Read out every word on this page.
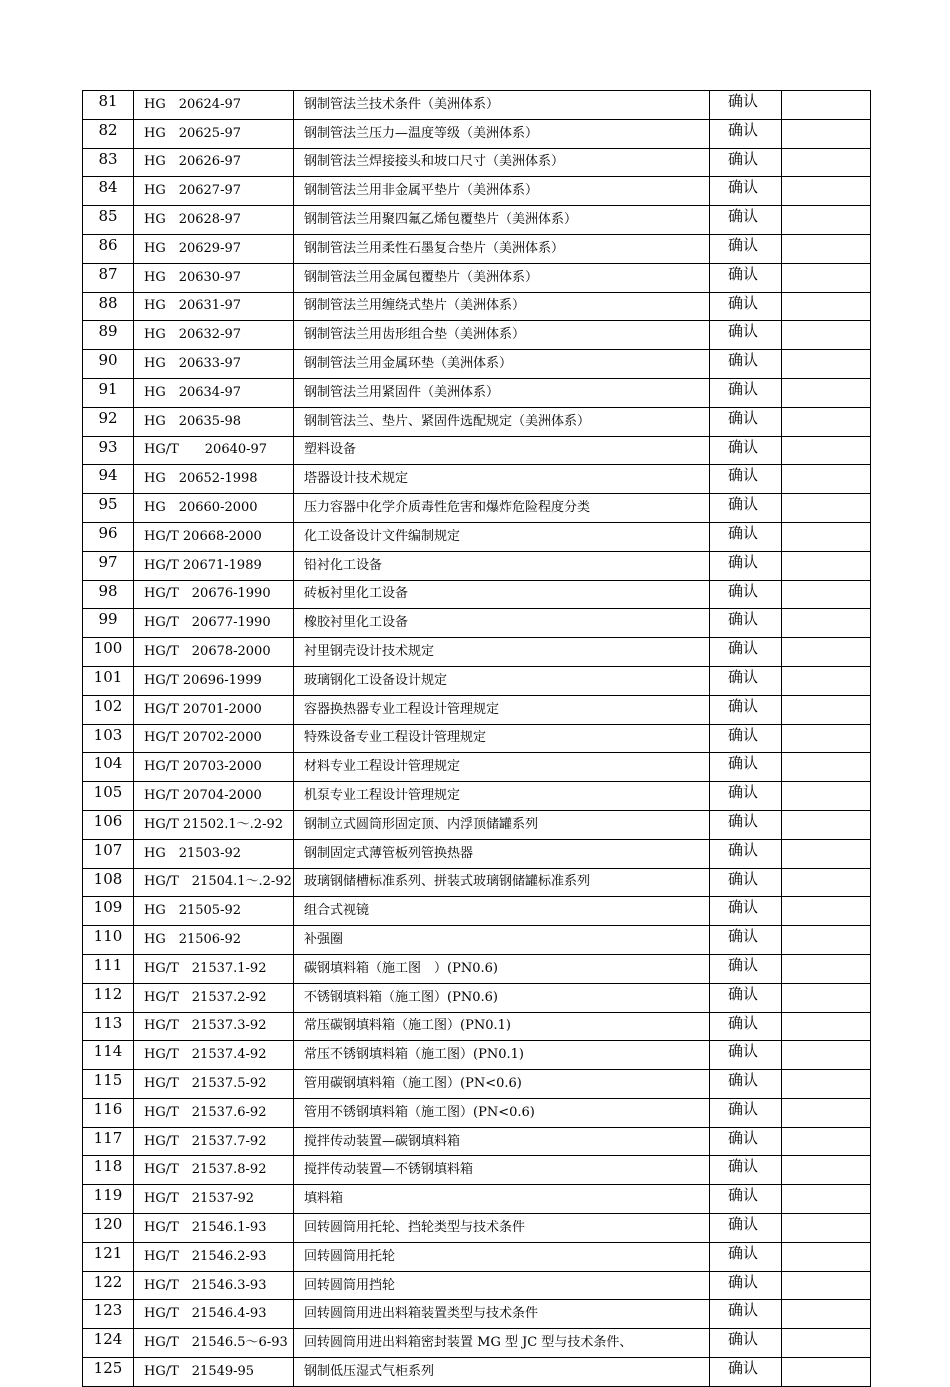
81	HG　20624-97	钢制管法兰技术条件（美洲体系）	确认	
82	HG　20625-97	钢制管法兰压力—温度等级（美洲体系）	确认	
83	HG　20626-97	钢制管法兰焊接接头和坡口尺寸（美洲体系）	确认	
84	HG　20627-97	钢制管法兰用非金属平垫片（美洲体系）	确认	
85	HG　20628-97	钢制管法兰用聚四氟乙烯包覆垫片（美洲体系）	确认	
86	HG　20629-97	钢制管法兰用柔性石墨复合垫片（美洲体系）	确认	
87	HG　20630-97	钢制管法兰用金属包覆垫片（美洲体系）	确认	
88	HG　20631-97	钢制管法兰用缠绕式垫片（美洲体系）	确认	
89	HG　20632-97	钢制管法兰用齿形组合垫（美洲体系）	确认	
90	HG　20633-97	钢制管法兰用金属环垫（美洲体系）	确认	
91	HG　20634-97	钢制管法兰用紧固件（美洲体系）	确认	
92	HG　20635-98	钢制管法兰、垫片、紧固件选配规定（美洲体系）	确认	
93	HG/T　　20640-97	塑料设备	确认	
94	HG　20652-1998	塔器设计技术规定	确认	
95	HG　20660-2000	压力容器中化学介质毒性危害和爆炸危险程度分类	确认	
96	HG/T 20668-2000	化工设备设计文件编制规定	确认	
97	HG/T 20671-1989	铅衬化工设备	确认	
98	HG/T　20676-1990	砖板衬里化工设备	确认	
99	HG/T　20677-1990	橡胶衬里化工设备	确认	
100	HG/T　20678-2000	衬里钢壳设计技术规定	确认	
101	HG/T 20696-1999	玻璃钢化工设备设计规定	确认	
102	HG/T 20701-2000	容器换热器专业工程设计管理规定	确认	
103	HG/T 20702-2000	特殊设备专业工程设计管理规定	确认	
104	HG/T 20703-2000	材料专业工程设计管理规定	确认	
105	HG/T 20704-2000	机泵专业工程设计管理规定	确认	
106	HG/T 21502.1～.2-92	钢制立式圆筒形固定顶、内浮顶储罐系列	确认	
107	HG　21503-92	钢制固定式薄管板列管换热器	确认	
108	HG/T　21504.1～.2-92	玻璃钢储槽标准系列、拼装式玻璃钢储罐标准系列	确认	
109	HG　21505-92	组合式视镜	确认	
110	HG　21506-92	补强圈	确认	
111	HG/T　21537.1-92	碳钢填料箱（施工图　）(PN0.6)	确认	
112	HG/T　21537.2-92	不锈钢填料箱（施工图）(PN0.6)	确认	
113	HG/T　21537.3-92	常压碳钢填料箱（施工图）(PN0.1)	确认	
114	HG/T　21537.4-92	常压不锈钢填料箱（施工图）(PN0.1)	确认	
115	HG/T　21537.5-92	管用碳钢填料箱（施工图）(PN<0.6)	确认	
116	HG/T　21537.6-92	管用不锈钢填料箱（施工图）(PN<0.6)	确认	
117	HG/T　21537.7-92	搅拌传动装置—碳钢填料箱	确认	
118	HG/T　21537.8-92	搅拌传动装置—不锈钢填料箱	确认	
119	HG/T　21537-92	填料箱	确认	
120	HG/T　21546.1-93	回转圆筒用托轮、挡轮类型与技术条件	确认	
121	HG/T　21546.2-93	回转圆筒用托轮	确认	
122	HG/T　21546.3-93	回转圆筒用挡轮	确认	
123	HG/T　21546.4-93	回转圆筒用进出料箱装置类型与技术条件	确认	
124	HG/T　21546.5～6-93	回转圆筒用进出料箱密封装置 MG 型 JC 型与技术条件、	确认	
125	HG/T　21549-95	钢制低压湿式气柜系列	确认	
